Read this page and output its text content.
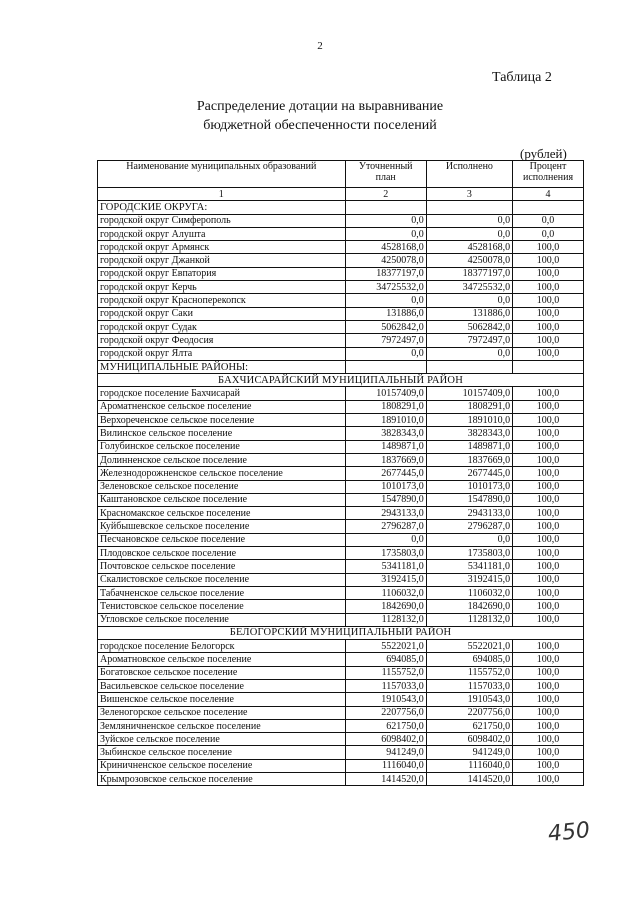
2
Таблица 2
Распределение дотации на выравнивание
бюджетной обеспеченности поселений
(рублей)
Наименование муниципальных образований	Уточненный план	Исполнено	Процент исполнения
1	2	3	4
ГОРОДСКИЕ ОКРУГА:			
городской округ Симферополь	0,0	0,0	0,0
городской округ Алушта	0,0	0,0	0,0
городской округ Армянск	4528168,0	4528168,0	100,0
городской округ Джанкой	4250078,0	4250078,0	100,0
городской округ Евпатория	18377197,0	18377197,0	100,0
городской округ Керчь	34725532,0	34725532,0	100,0
городской округ Красноперекопск	0,0	0,0	100,0
городской округ Саки	131886,0	131886,0	100,0
городской округ Судак	5062842,0	5062842,0	100,0
городской округ Феодосия	7972497,0	7972497,0	100,0
городской округ Ялта	0,0	0,0	100,0
МУНИЦИПАЛЬНЫЕ РАЙОНЫ:			
БАХЧИСАРАЙСКИЙ МУНИЦИПАЛЬНЫЙ РАЙОН			
городское поселение Бахчисарай	10157409,0	10157409,0	100,0
Ароматненское сельское поселение	1808291,0	1808291,0	100,0
Верхореченское сельское поселение	1891010,0	1891010,0	100,0
Вилинское сельское поселение	3828343,0	3828343,0	100,0
Голубинское сельское поселение	1489871,0	1489871,0	100,0
Долинненское сельское поселение	1837669,0	1837669,0	100,0
Железнодорожненское сельское поселение	2677445,0	2677445,0	100,0
Зеленовское сельское поселение	1010173,0	1010173,0	100,0
Каштановское сельское поселение	1547890,0	1547890,0	100,0
Красномакское сельское поселение	2943133,0	2943133,0	100,0
Куйбышевское сельское поселение	2796287,0	2796287,0	100,0
Песчановское сельское поселение	0,0	0,0	100,0
Плодовское сельское поселение	1735803,0	1735803,0	100,0
Почтовское сельское поселение	5341181,0	5341181,0	100,0
Скалистовское сельское поселение	3192415,0	3192415,0	100,0
Табачненское сельское поселение	1106032,0	1106032,0	100,0
Тенистовское сельское поселение	1842690,0	1842690,0	100,0
Угловское сельское поселение	1128132,0	1128132,0	100,0
БЕЛОГОРСКИЙ МУНИЦИПАЛЬНЫЙ РАЙОН			
городское поселение Белогорск	5522021,0	5522021,0	100,0
Ароматновское сельское поселение	694085,0	694085,0	100,0
Богатовское сельское поселение	1155752,0	1155752,0	100,0
Васильевское сельское поселение	1157033,0	1157033,0	100,0
Вишенское сельское поселение	1910543,0	1910543,0	100,0
Зеленогорское сельское поселение	2207756,0	2207756,0	100,0
Земляничненское сельское поселение	621750,0	621750,0	100,0
Зуйское сельское поселение	6098402,0	6098402,0	100,0
Зыбинское сельское поселение	941249,0	941249,0	100,0
Криничненское сельское поселение	1116040,0	1116040,0	100,0
Крымрозовское сельское поселение	1414520,0	1414520,0	100,0
450
